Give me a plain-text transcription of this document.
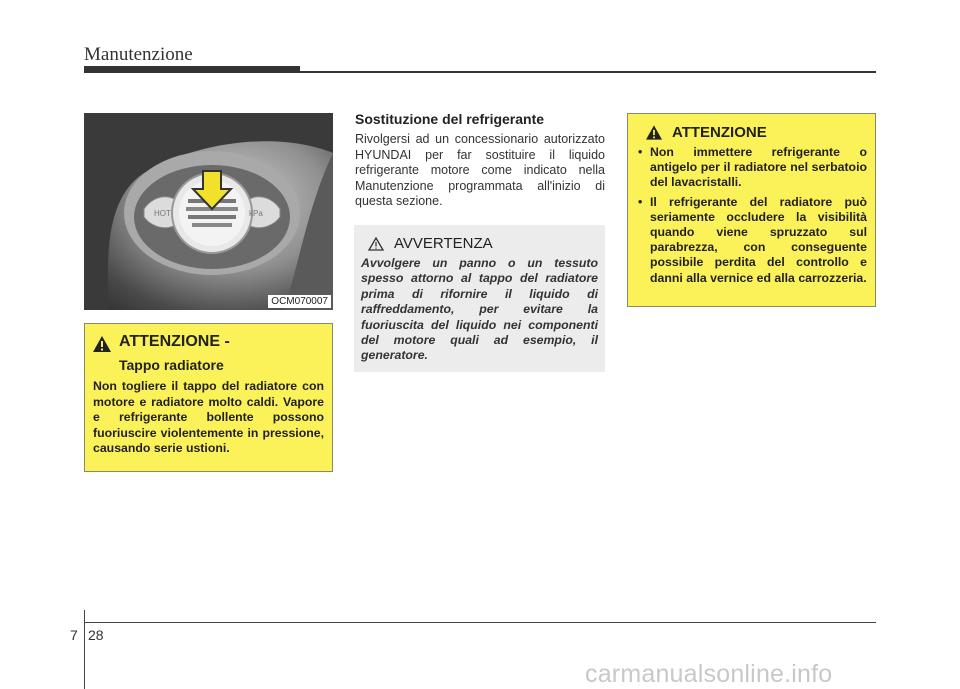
Manutenzione
HOT	kPa
OCM070007
ATTENZIONE -
Tappo radiatore
Non togliere il tappo del radiatore con motore e radiatore molto caldi. Vapore e refrigerante bollente possono fuoriuscire violentemente in pressione, causando serie ustioni.
Sostituzione del refrigerante
Rivolgersi ad un concessionario autorizzato HYUNDAI per far sostituire il liquido refrigerante motore come indicato nella Manutenzione programmata all'inizio di questa sezione.
AVVERTENZA
Avvolgere un panno o un tessuto spesso attorno al tappo del radiatore prima di rifornire il liquido di raffreddamento, per evitare la fuoriuscita del liquido nei componenti del motore quali ad esempio, il generatore.
ATTENZIONE
• Non immettere refrigerante o antigelo per il radiatore nel serbatoio del lavacristalli.
• Il refrigerante del radiatore può seriamente occludere la visibilità quando viene spruzzato sul parabrezza, con conseguente possibile perdita del controllo e danni alla vernice ed alla carrozzeria.
7 28
carmanualsonline.info
